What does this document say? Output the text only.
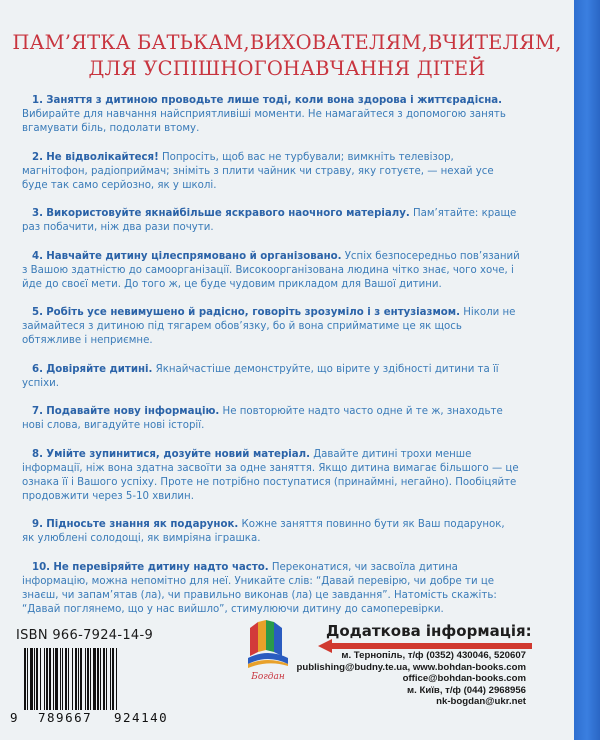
ПАМ’ЯТКА БАТЬКАМ,ВИХОВАТЕЛЯМ,ВЧИТЕЛЯМ,
ДЛЯ УСПІШНОГОНАВЧАННЯ ДІТЕЙ
1. Заняття з дитиною проводьте лише тоді, коли вона здорова і життєрадісна. Вибирайте для навчання найсприятливіші моменти. Не намагайтеся з допомогою занять вгамувати біль, подолати втому.
2. Не відволікайтеся! Попросіть, щоб вас не турбували; вимкніть телевізор, магнітофон, радіоприймач; зніміть з плити чайник чи страву, яку готуєте, — нехай усе буде так само серйозно, як у школі.
3. Використовуйте якнайбільше яскравого наочного матеріалу. Пам’ятайте: краще раз побачити, ніж два рази почути.
4. Навчайте дитину цілеспрямовано й організовано. Успіх безпосередньо пов’язаний з Вашою здатністю до самоорганізації. Високоорганізована людина чітко знає, чого хоче, і йде до своєї мети. До того ж, це буде чудовим прикладом для Вашої дитини.
5. Робіть усе невимушено й радісно, говоріть зрозуміло і з ентузіазмом. Ніколи не займайтеся з дитиною під тягарем обов’язку, бо й вона сприйматиме це як щось обтяжливе і неприємне.
6. Довіряйте дитині. Якнайчастіше демонструйте, що вірите у здібності дитини та її успіхи.
7. Подавайте нову інформацію. Не повторюйте надто часто одне й те ж, знаходьте нові слова, вигадуйте нові історії.
8. Умійте зупинитися, дозуйте новий матеріал. Давайте дитині трохи менше інформації, ніж вона здатна засвоїти за одне заняття. Якщо дитина вимагає більшого — це ознака її і Вашого успіху. Проте не потрібно поступатися (принаймні, негайно). Пообіцяйте продовжити через 5-10 хвилин.
9. Підносьте знання як подарунок. Кожне заняття повинно бути як Ваш подарунок, як улюблені солодощі, як вимріяна іграшка.
10. Не перевіряйте дитину надто часто. Переконатися, чи засвоїла дитина інформацію, можна непомітно для неї. Уникайте слів: “Давай перевірю, чи добре ти це знаєш, чи запам’ятав (ла), чи правильно виконав (ла) це завдання”. Натомість скажіть: “Давай поглянемо, що у нас вийшло”, стимулюючи дитину до самоперевірки.
ISBN 966-7924-14-9
9 789667 924140
Богдан
Додаткова інформація:
м. Тернопіль, т/ф (0352) 430046, 520607
publishing@budny.te.ua, www.bohdan-books.com
office@bohdan-books.com
м. Київ, т/ф (044) 2968956
nk-bogdan@ukr.net
